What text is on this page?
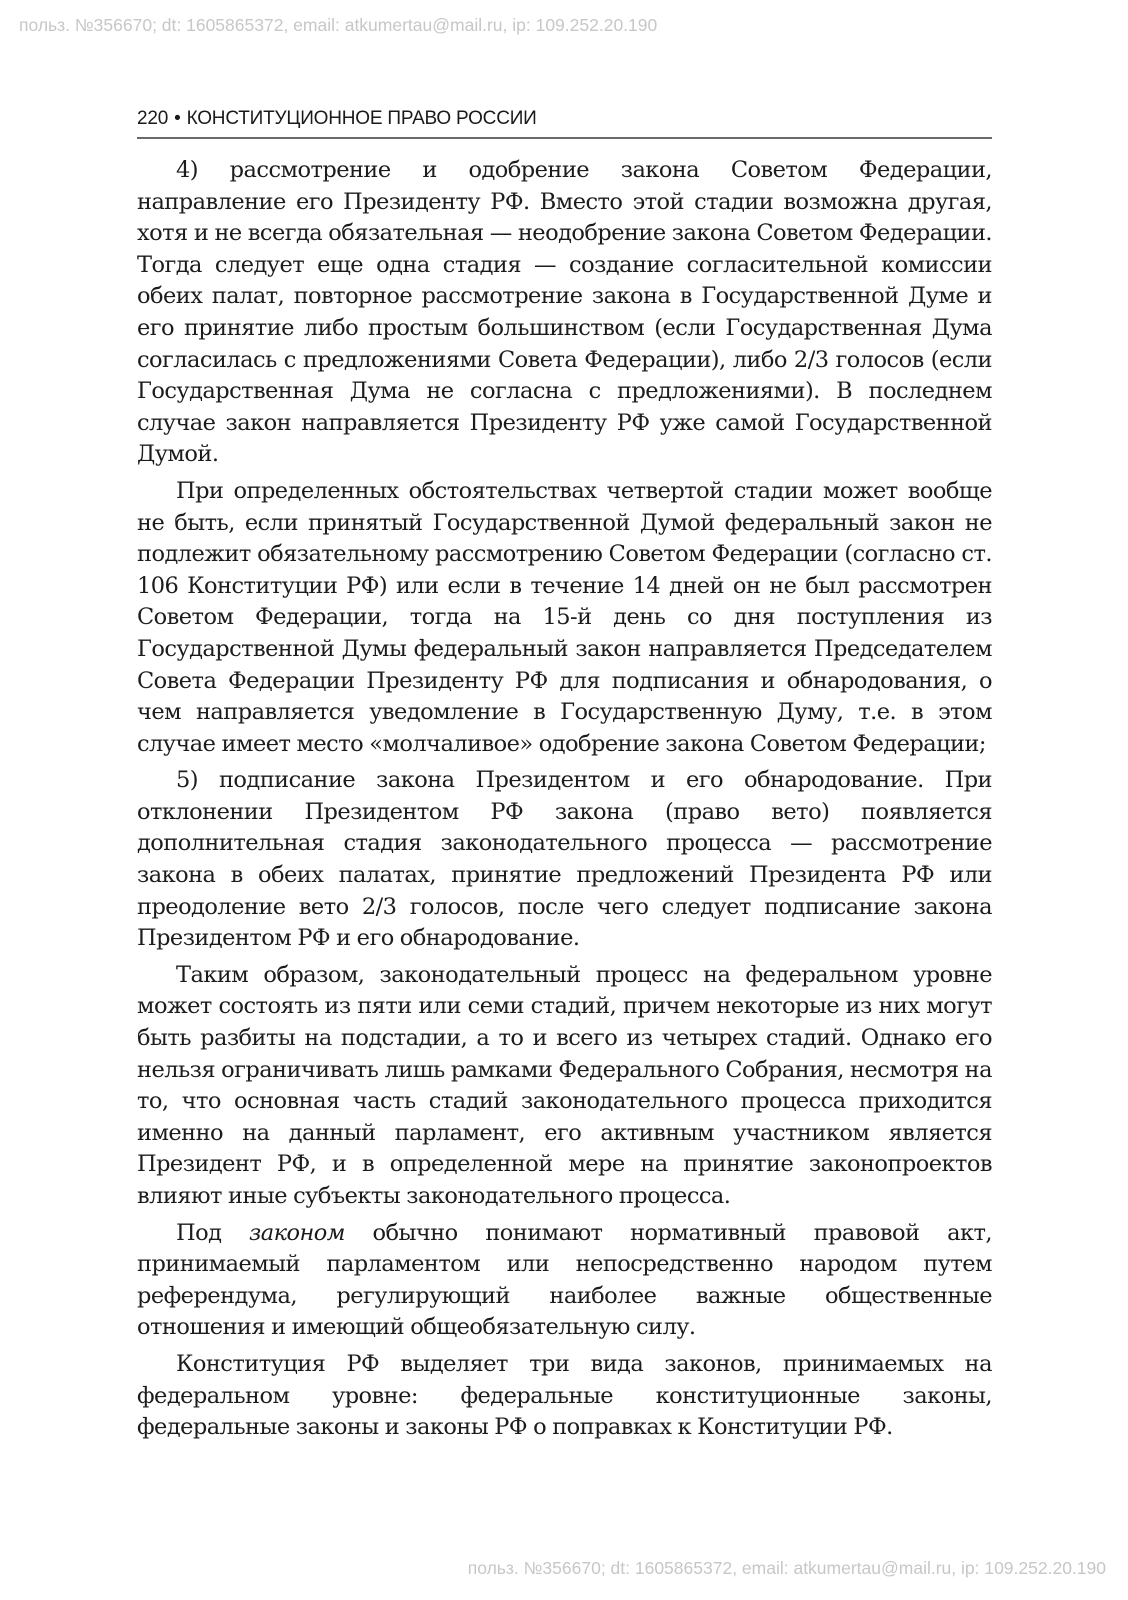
польз. №356670; dt: 1605865372, email: atkumertau@mail.ru, ip: 109.252.20.190
220 • КОНСТИТУЦИОННОЕ ПРАВО РОССИИ

4) рассмотрение и одобрение закона Советом Федерации, направление его Президенту РФ. Вместо этой стадии возможна другая, хотя и не всегда обязательная — неодобрение закона Советом Федерации. Тогда следует еще одна стадия — создание согласительной комиссии обеих палат, повторное рассмотрение закона в Государственной Думе и его принятие либо простым большинством (если Государственная Дума согласилась с предложениями Совета Федерации), либо 2/3 голосов (если Государственная Дума не согласна с предложениями). В последнем случае закон направляется Президенту РФ уже самой Государственной Думой.

При определенных обстоятельствах четвертой стадии может вообще не быть, если принятый Государственной Думой федеральный закон не подлежит обязательному рассмотрению Советом Федерации (согласно ст. 106 Конституции РФ) или если в течение 14 дней он не был рассмотрен Советом Федерации, тогда на 15-й день со дня поступления из Государственной Думы федеральный закон направляется Председателем Совета Федерации Президенту РФ для подписания и обнародования, о чем направляется уведомление в Государственную Думу, т.е. в этом случае имеет место «молчаливое» одобрение закона Советом Федерации;

5) подписание закона Президентом и его обнародование. При отклонении Президентом РФ закона (право вето) появляется дополнительная стадия законодательного процесса — рассмотрение закона в обеих палатах, принятие предложений Президента РФ или преодоление вето 2/3 голосов, после чего следует подписание закона Президентом РФ и его обнародование.

Таким образом, законодательный процесс на федеральном уровне может состоять из пяти или семи стадий, причем некоторые из них могут быть разбиты на подстадии, а то и всего из четырех стадий. Однако его нельзя ограничивать лишь рамками Федерального Собрания, несмотря на то, что основная часть стадий законодательного процесса приходится именно на данный парламент, его активным участником является Президент РФ, и в определенной мере на принятие законопроектов влияют иные субъекты законодательного процесса.

Под законом обычно понимают нормативный правовой акт, принимаемый парламентом или непосредственно народом путем референдума, регулирующий наиболее важные общественные отношения и имеющий общеобязательную силу.

Конституция РФ выделяет три вида законов, принимаемых на федеральном уровне: федеральные конституционные законы, федеральные законы и законы РФ о поправках к Конституции РФ.

польз. №356670; dt: 1605865372, email: atkumertau@mail.ru, ip: 109.252.20.190
